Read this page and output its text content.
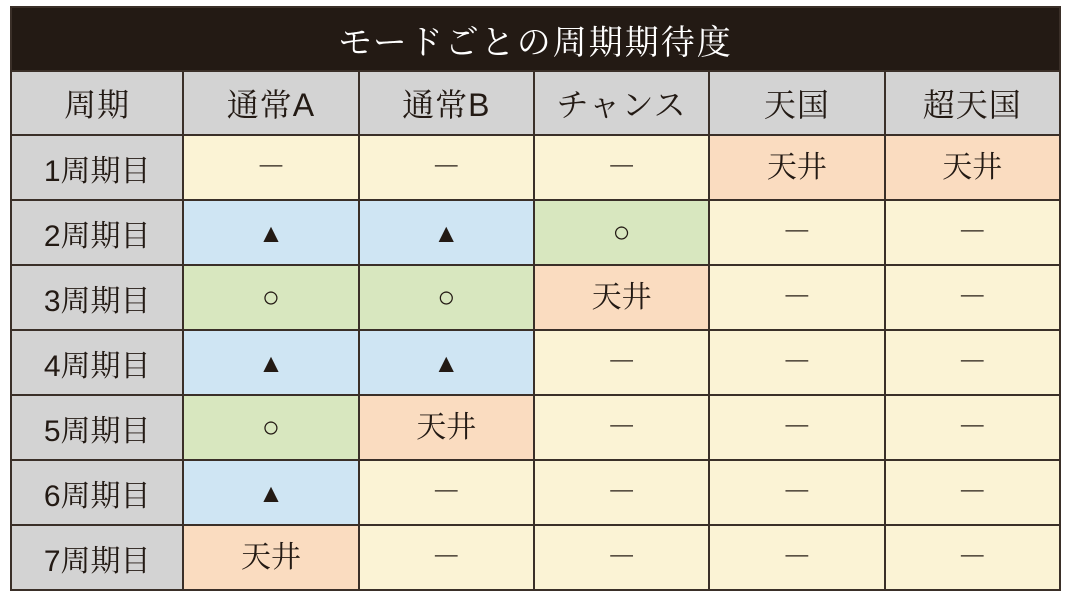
モードごとの周期期待度					
周期	通常A	通常B	チャンス	天国	超天国
1周期目	－	－	－	天井	天井
2周期目	▲	▲	○	－	－
3周期目	○	○	天井	－	－
4周期目	▲	▲	－	－	－
5周期目	○	天井	－	－	－
6周期目	▲	－	－	－	－
7周期目	天井	－	－	－	－
